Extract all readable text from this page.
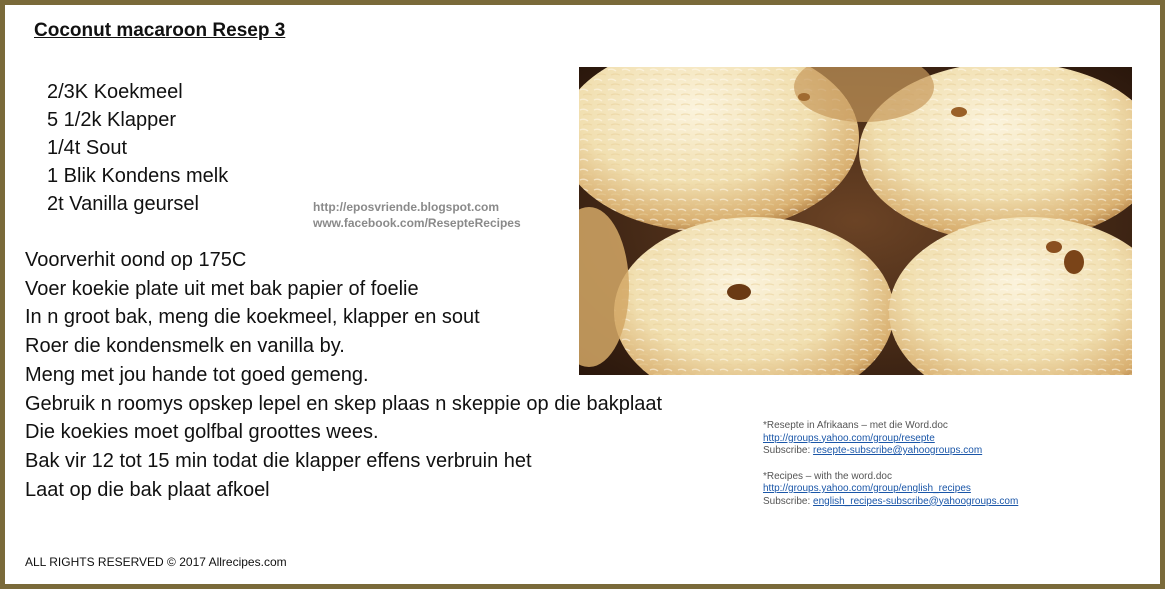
Coconut macaroon Resep 3
2/3K Koekmeel
5 1/2k Klapper
1/4t Sout
1 Blik Kondens melk
2t Vanilla geursel	http://eposvriende.blogspot.com
www.facebook.com/ResepteRecipes
Voorverhit oond op 175C
Voer koekie plate uit met bak papier of foelie
In n groot bak, meng die koekmeel, klapper en sout
Roer die kondensmelk en vanilla by.
Meng met jou hande tot goed gemeng.
Gebruik n roomys opskep lepel en skep plaas n skeppie op die bakplaat
Die koekies moet golfbal groottes wees.
Bak vir 12 tot 15 min todat die klapper effens verbruin het
Laat op die bak plaat afkoel
*Resepte in Afrikaans – met die Word.doc
http://groups.yahoo.com/group/resepte
Subscribe: resepte-subscribe@yahoogroups.com
*Recipes – with the word.doc
http://groups.yahoo.com/group/english_recipes
Subscribe: english_recipes-subscribe@yahoogroups.com
ALL RIGHTS RESERVED © 2017 Allrecipes.com
